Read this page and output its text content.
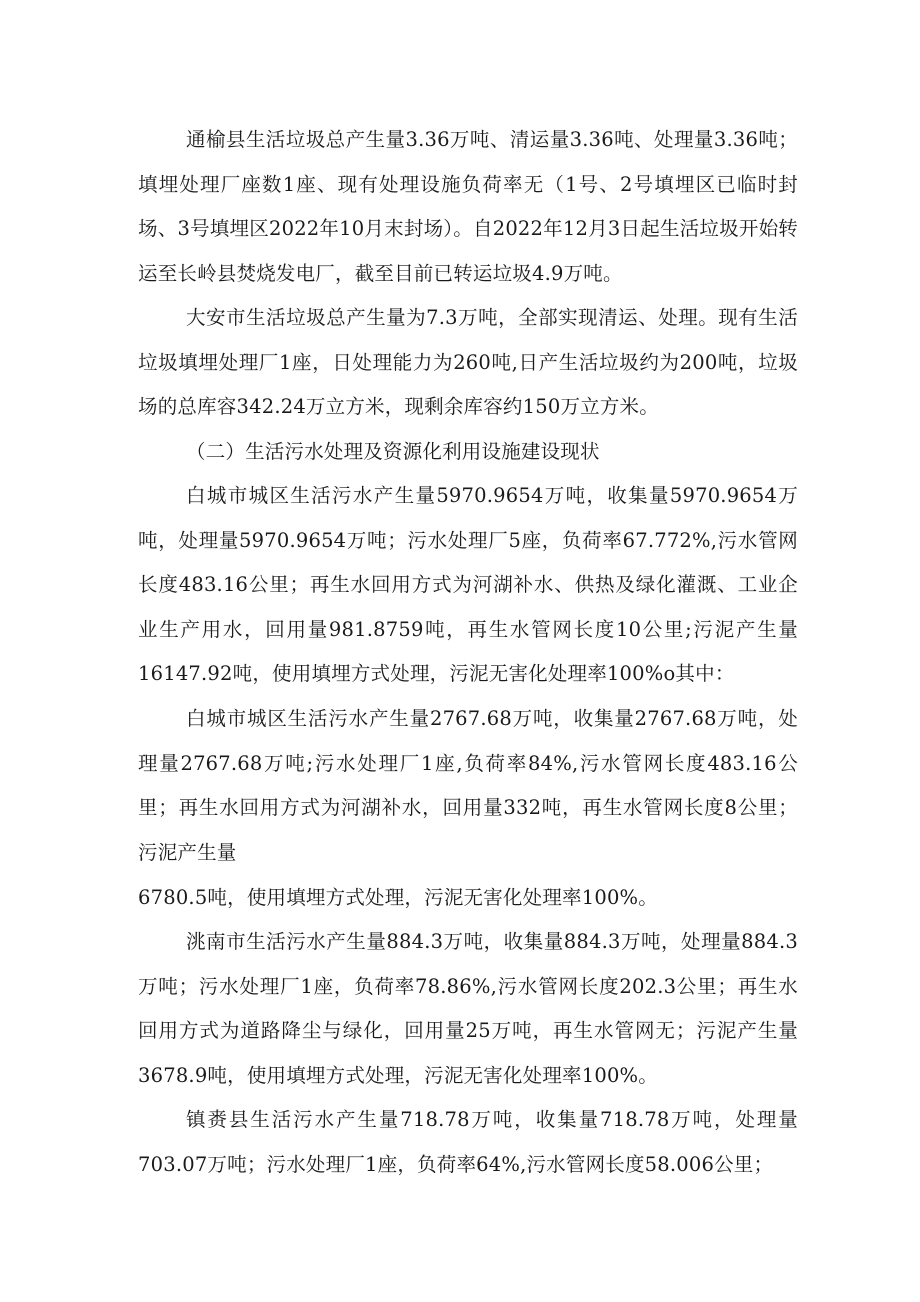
通榆县生活垃圾总产生量3.36万吨、清运量3.36吨、处理量3.36吨；填埋处理厂座数1座、现有处理设施负荷率无（1号、2号填埋区已临时封场、3号填埋区2022年10月末封场）。自2022年12月3日起生活垃圾开始转运至长岭县焚烧发电厂，截至目前已转运垃圾4.9万吨。

大安市生活垃圾总产生量为7.3万吨，全部实现清运、处理。现有生活垃圾填埋处理厂1座，日处理能力为260吨,日产生活垃圾约为200吨，垃圾场的总库容342.24万立方米，现剩余库容约150万立方米。

（二）生活污水处理及资源化利用设施建设现状

白城市城区生活污水产生量5970.9654万吨，收集量5970.9654万吨，处理量5970.9654万吨；污水处理厂5座，负荷率67.772%,污水管网长度483.16公里；再生水回用方式为河湖补水、供热及绿化灌溉、工业企业生产用水，回用量981.8759吨，再生水管网长度10公里;污泥产生量16147.92吨，使用填埋方式处理，污泥无害化处理率100%o其中：

白城市城区生活污水产生量2767.68万吨，收集量2767.68万吨，处理量2767.68万吨;污水处理厂1座,负荷率84%,污水管网长度483.16公里；再生水回用方式为河湖补水，回用量332吨，再生水管网长度8公里；污泥产生量

6780.5吨，使用填埋方式处理，污泥无害化处理率100%。

洮南市生活污水产生量884.3万吨，收集量884.3万吨，处理量884.3万吨；污水处理厂1座，负荷率78.86%,污水管网长度202.3公里；再生水回用方式为道路降尘与绿化，回用量25万吨，再生水管网无；污泥产生量3678.9吨，使用填埋方式处理，污泥无害化处理率100%。

镇赉县生活污水产生量718.78万吨，收集量718.78万吨，处理量703.07万吨；污水处理厂1座，负荷率64%,污水管网长度58.006公里；
